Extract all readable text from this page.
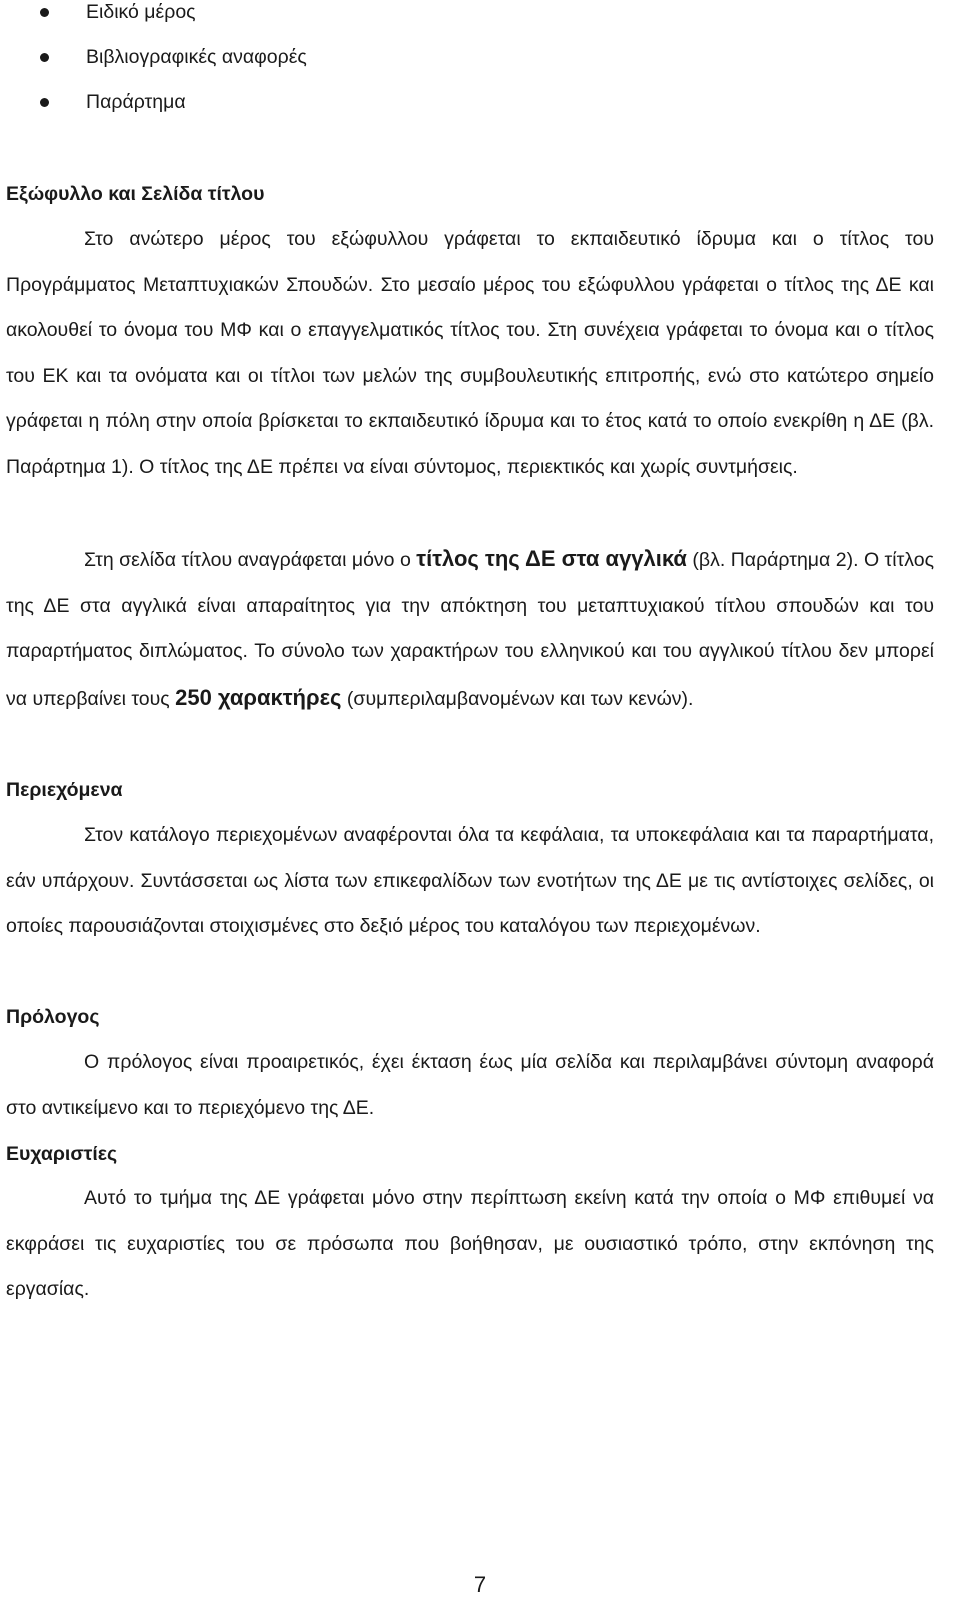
Ειδικό μέρος
Βιβλιογραφικές αναφορές
Παράρτημα
Εξώφυλλο και Σελίδα τίτλου

Στο ανώτερο μέρος του εξώφυλλου γράφεται το εκπαιδευτικό ίδρυμα και ο τίτλος του Προγράμματος Μεταπτυχιακών Σπουδών. Στο μεσαίο μέρος του εξώφυλλου γράφεται ο τίτλος της ΔΕ και ακολουθεί το όνομα του ΜΦ και ο επαγγελματικός τίτλος του. Στη συνέχεια γράφεται το όνομα και ο τίτλος του ΕΚ και τα ονόματα και οι τίτλοι των μελών της συμβουλευτικής επιτροπής, ενώ στο κατώτερο σημείο γράφεται η πόλη στην οποία βρίσκεται το εκπαιδευτικό ίδρυμα και το έτος κατά το οποίο ενεκρίθη η ΔΕ (βλ. Παράρτημα 1). Ο τίτλος της ΔΕ πρέπει να είναι σύντομος, περιεκτικός και χωρίς συντμήσεις.

Στη σελίδα τίτλου αναγράφεται μόνο ο τίτλος της ΔΕ στα αγγλικά (βλ. Παράρτημα 2). Ο τίτλος της ΔΕ στα αγγλικά είναι απαραίτητος για την απόκτηση του μεταπτυχιακού τίτλου σπουδών και του παραρτήματος διπλώματος. Το σύνολο των χαρακτήρων του ελληνικού και του αγγλικού τίτλου δεν μπορεί να υπερβαίνει τους 250 χαρακτήρες (συμπεριλαμβανομένων και των κενών).

Περιεχόμενα

Στον κατάλογο περιεχομένων αναφέρονται όλα τα κεφάλαια, τα υποκεφάλαια και τα παραρτήματα, εάν υπάρχουν. Συντάσσεται ως λίστα των επικεφαλίδων των ενοτήτων της ΔΕ με τις αντίστοιχες σελίδες, οι οποίες παρουσιάζονται στοιχισμένες στο δεξιό μέρος του καταλόγου των περιεχομένων.

Πρόλογος

Ο πρόλογος είναι προαιρετικός, έχει έκταση έως μία σελίδα και περιλαμβάνει σύντομη αναφορά στο αντικείμενο και το περιεχόμενο της ΔΕ.

Ευχαριστίες

Αυτό το τμήμα της ΔΕ γράφεται μόνο στην περίπτωση εκείνη κατά την οποία ο ΜΦ επιθυμεί να εκφράσει τις ευχαριστίες του σε πρόσωπα που βοήθησαν, με ουσιαστικό τρόπο, στην εκπόνηση της εργασίας.

7
